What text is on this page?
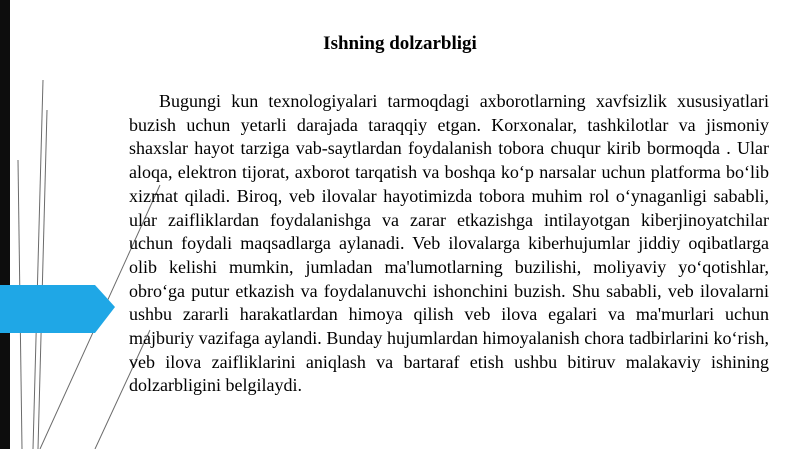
Ishning dolzarbligi

Bugungi kun texnologiyalari tarmoqdagi axborotlarning xavfsizlik xususiyatlari buzish uchun yetarli darajada taraqqiy etgan. Korxonalar, tashkilotlar va jismoniy shaxslar hayot tarziga vab-saytlardan foydalanish tobora chuqur kirib bormoqda . Ular aloqa, elektron tijorat, axborot tarqatish va boshqa ko‘p narsalar uchun platforma bo‘lib xizmat qiladi. Biroq, veb ilovalar hayotimizda tobora muhim rol o‘ynaganligi sababli, ular zaifliklardan foydalanishga va zarar etkazishga intilayotgan kiberjinoyatchilar uchun foydali maqsadlarga aylanadi. Veb ilovalarga kiberhujumlar jiddiy oqibatlarga olib kelishi mumkin, jumladan ma'lumotlarning buzilishi, moliyaviy yo‘qotishlar, obro‘ga putur etkazish va foydalanuvchi ishonchini buzish. Shu sababli, veb ilovalarni ushbu zararli harakatlardan himoya qilish veb ilova egalari va ma'murlari uchun majburiy vazifaga aylandi. Bunday hujumlardan himoyalanish chora tadbirlarini ko‘rish, veb ilova zaifliklarini aniqlash va bartaraf etish ushbu bitiruv malakaviy ishining dolzarbligini belgilaydi.
